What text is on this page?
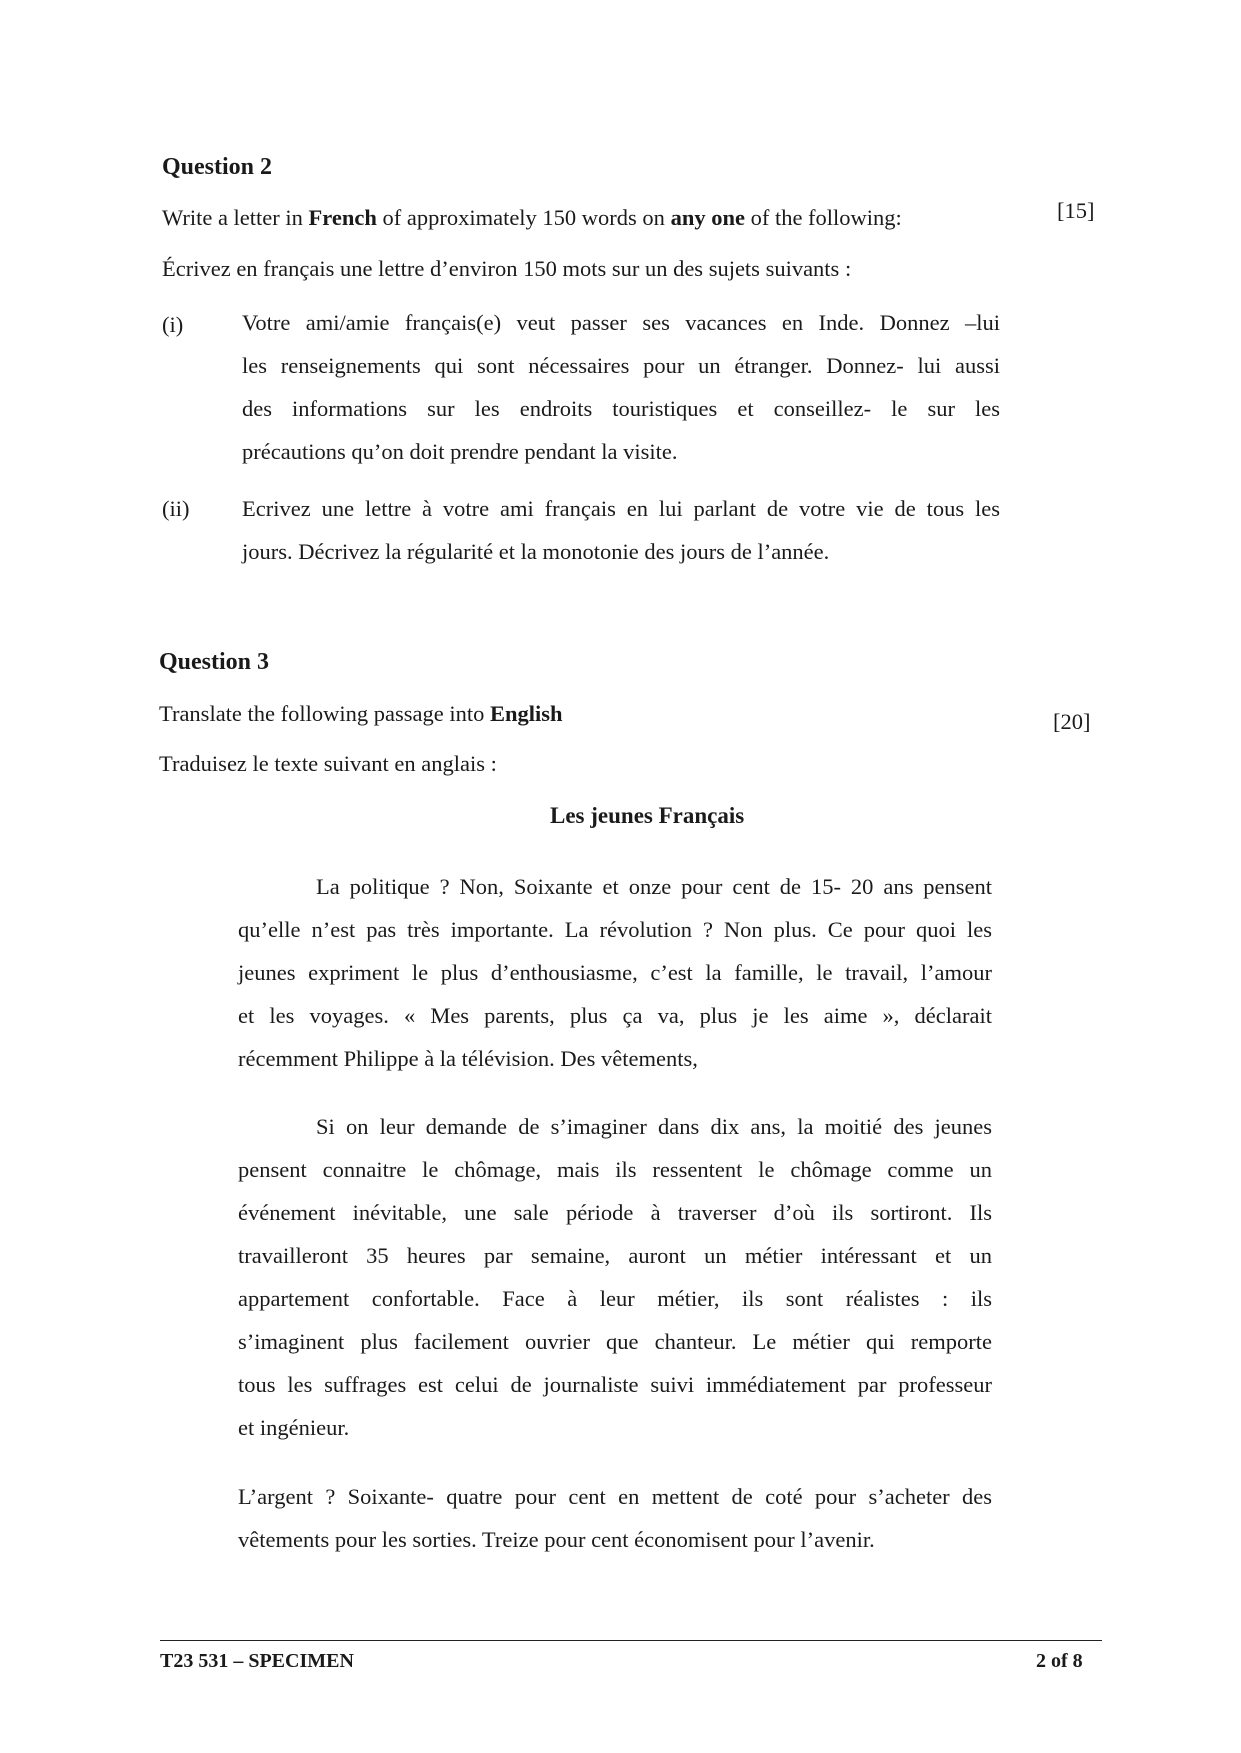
Question 2
Write a letter in French of approximately 150 words on any one of the following:	[15]
Écrivez en français une lettre d’environ 150 mots sur un des sujets suivants :
(i)	Votre ami/amie français(e) veut passer ses vacances en Inde. Donnez –lui
les renseignements qui sont nécessaires pour un étranger. Donnez- lui aussi
des informations sur les endroits touristiques et conseillez- le sur les
précautions qu’on doit prendre pendant la visite.
(ii) Ecrivez une lettre à votre ami français en lui parlant de votre vie de tous les
jours. Décrivez la régularité et la monotonie des jours de l’année.
Question 3
Translate the following passage into English	[20]
Traduisez le texte suivant en anglais :
Les jeunes Français
La politique ? Non, Soixante et onze pour cent de 15- 20 ans pensent
qu’elle n’est pas très importante. La révolution ? Non plus. Ce pour quoi les
jeunes expriment le plus d’enthousiasme, c’est la famille, le travail, l’amour
et les voyages. « Mes parents, plus ça va, plus je les aime », déclarait
récemment Philippe à la télévision. Des vêtements,
Si on leur demande de s’imaginer dans dix ans, la moitié des jeunes
pensent connaitre le chômage, mais ils ressentent le chômage comme un
événement inévitable, une sale période à traverser d’où ils sortiront. Ils
travailleront 35 heures par semaine, auront un métier intéressant et un
appartement confortable. Face à leur métier, ils sont réalistes : ils
s’imaginent plus facilement ouvrier que chanteur. Le métier qui remporte
tous les suffrages est celui de journaliste suivi immédiatement par professeur
et ingénieur.
L’argent ? Soixante- quatre pour cent en mettent de coté pour s’acheter des
vêtements pour les sorties. Treize pour cent économisent pour l’avenir.
T23 531 – SPECIMEN	2 of 8
